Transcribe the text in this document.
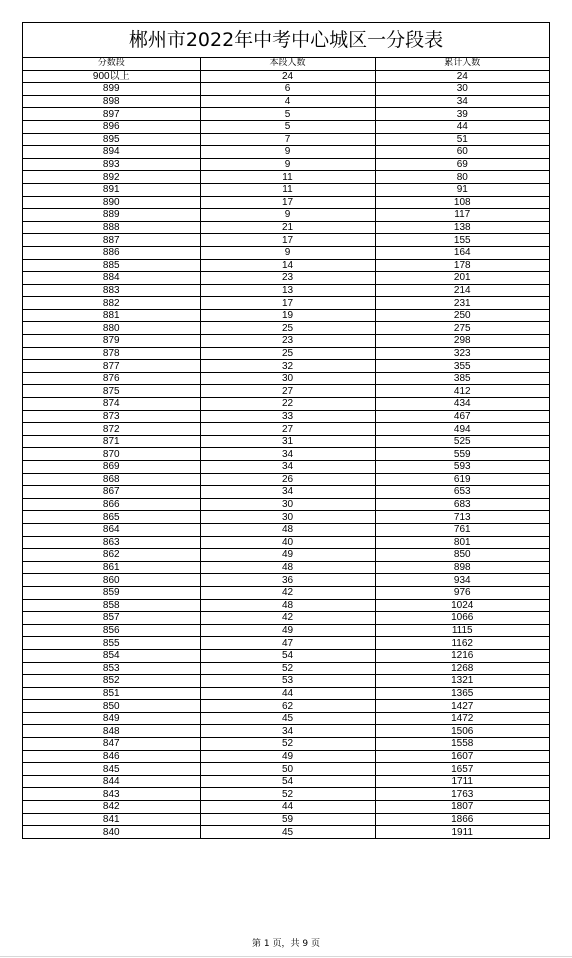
郴州市2022年中考中心城区一分段表
分数段	本段人数	累计人数
900以上	24	24
899	6	30
898	4	34
897	5	39
896	5	44
895	7	51
894	9	60
893	9	69
892	11	80
891	11	91
890	17	108
889	9	117
888	21	138
887	17	155
886	9	164
885	14	178
884	23	201
883	13	214
882	17	231
881	19	250
880	25	275
879	23	298
878	25	323
877	32	355
876	30	385
875	27	412
874	22	434
873	33	467
872	27	494
871	31	525
870	34	559
869	34	593
868	26	619
867	34	653
866	30	683
865	30	713
864	48	761
863	40	801
862	49	850
861	48	898
860	36	934
859	42	976
858	48	1024
857	42	1066
856	49	1115
855	47	1162
854	54	1216
853	52	1268
852	53	1321
851	44	1365
850	62	1427
849	45	1472
848	34	1506
847	52	1558
846	49	1607
845	50	1657
844	54	1711
843	52	1763
842	44	1807
841	59	1866
840	45	1911
第 1 页，共 9 页
